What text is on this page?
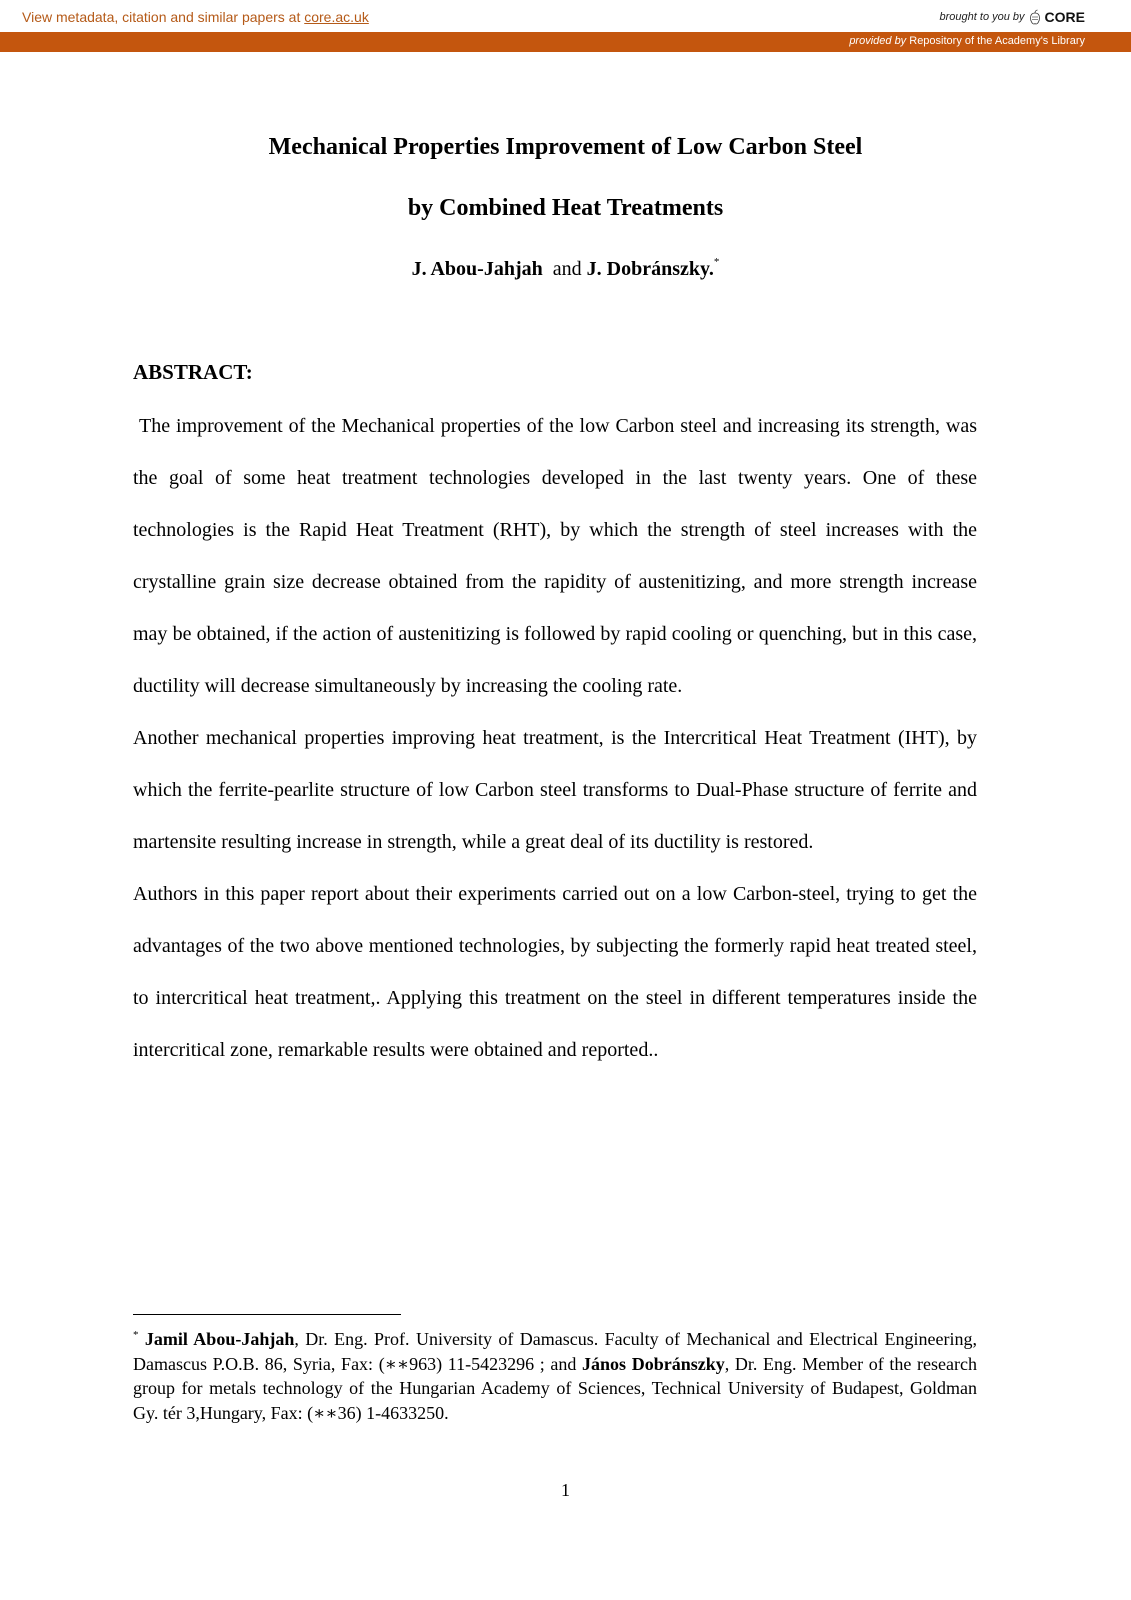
View metadata, citation and similar papers at core.ac.uk	brought to you by CORE
provided by Repository of the Academy's Library
Mechanical Properties Improvement of Low Carbon Steel
by Combined Heat Treatments
J. Abou-Jahjah and J. Dobránszky.*
ABSTRACT:

The improvement of the Mechanical properties of the low Carbon steel and increasing its strength, was the goal of some heat treatment technologies developed in the last twenty years. One of these technologies is the Rapid Heat Treatment (RHT), by which the strength of steel increases with the crystalline grain size decrease obtained from the rapidity of austenitizing, and more strength increase may be obtained, if the action of austenitizing is followed by rapid cooling or quenching, but in this case, ductility will decrease simultaneously by increasing the cooling rate.

Another mechanical properties improving heat treatment, is the Intercritical Heat Treatment (IHT), by which the ferrite-pearlite structure of low Carbon steel transforms to Dual-Phase structure of ferrite and martensite resulting increase in strength, while a great deal of its ductility is restored.

Authors in this paper report about their experiments carried out on a low Carbon-steel, trying to get the advantages of the two above mentioned technologies, by subjecting the formerly rapid heat treated steel, to intercritical heat treatment,. Applying this treatment on the steel in different temperatures inside the intercritical zone, remarkable results were obtained and reported..

* Jamil Abou-Jahjah, Dr. Eng. Prof. University of Damascus. Faculty of Mechanical and Electrical Engineering, Damascus P.O.B. 86, Syria, Fax: (∗∗963) 11-5423296 ; and János Dobránszky, Dr. Eng. Member of the research group for metals technology of the Hungarian Academy of Sciences, Technical University of Budapest, Goldman Gy. tér 3,Hungary, Fax: (∗∗36) 1-4633250.
1
